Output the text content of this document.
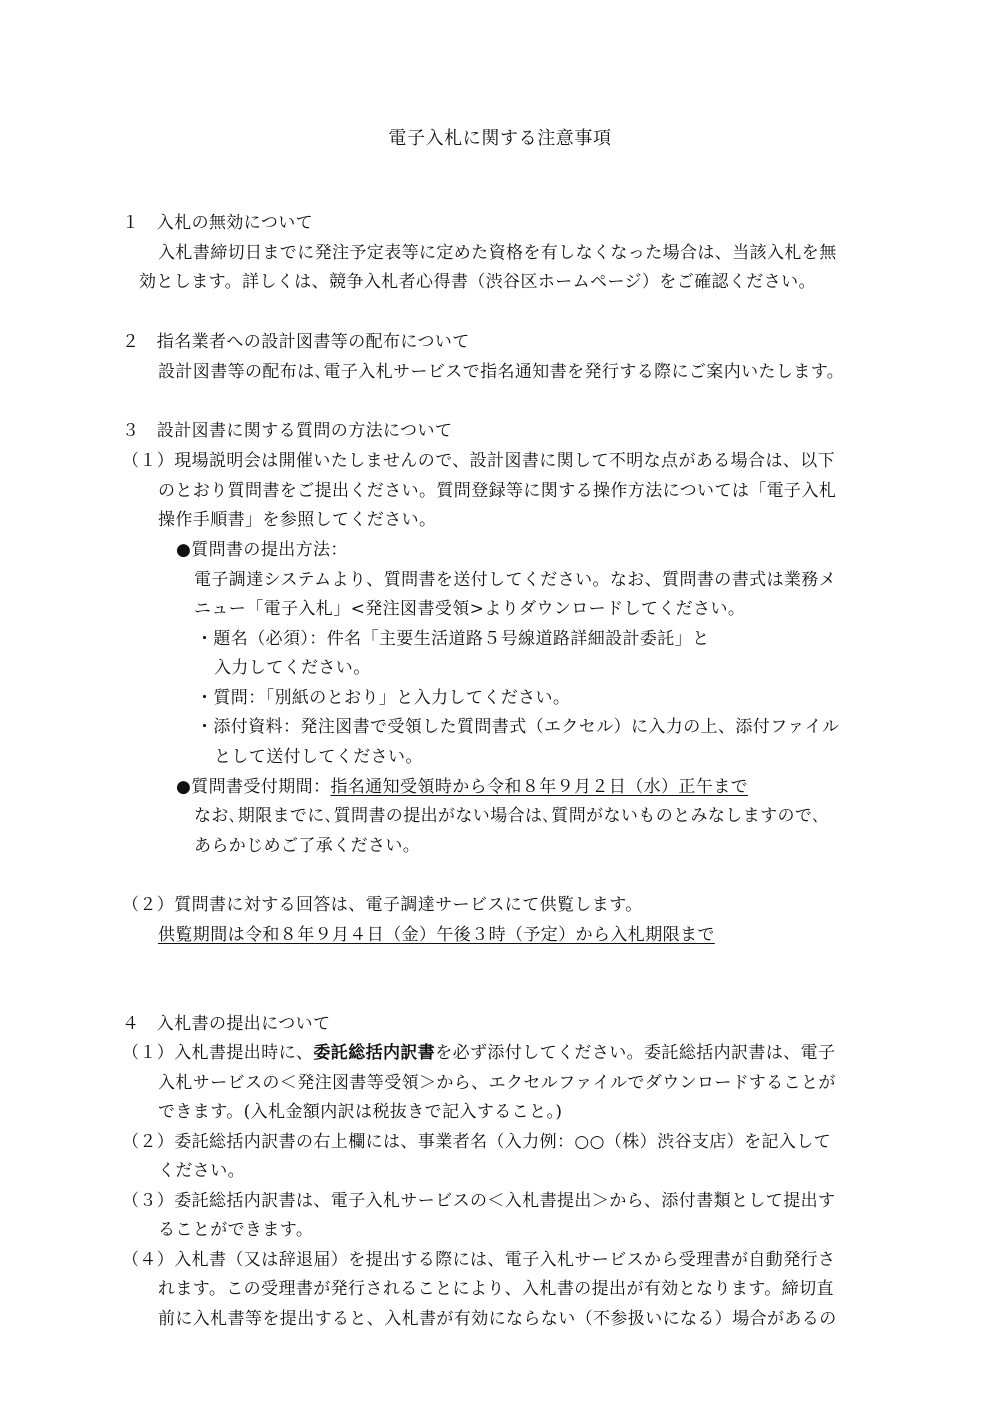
電子入札に関する注意事項
１　入札の無効について
入札書締切日までに発注予定表等に定めた資格を有しなくなった場合は、当該入札を無
効とします。詳しくは、競争入札者心得書（渋谷区ホームページ）をご確認ください。
２　指名業者への設計図書等の配布について
設計図書等の配布は､電子入札サービスで指名通知書を発行する際にご案内いたします。
３　設計図書に関する質問の方法について
（１）現場説明会は開催いたしませんので、設計図書に関して不明な点がある場合は、以下
のとおり質問書をご提出ください。質問登録等に関する操作方法については「電子入札
操作手順書」を参照してください。
●質問書の提出方法：
電子調達システムより、質問書を送付してください。なお、質問書の書式は業務メ
ニュー「電子入札」<発注図書受領>よりダウンロードしてください。
・題名（必須）：件名「主要生活道路５号線道路詳細設計委託」と
入力してください。
・質問：「別紙のとおり」と入力してください。
・添付資料：発注図書で受領した質問書式（エクセル）に入力の上、添付ファイル
として送付してください。
●質問書受付期間：指名通知受領時から令和８年９月２日（水）正午まで
なお､期限までに､質問書の提出がない場合は､質問がないものとみなしますので､
あらかじめご了承ください。
（２）質問書に対する回答は、電子調達サービスにて供覧します。
供覧期間は令和８年９月４日（金）午後３時（予定）から入札期限まで
４　入札書の提出について
（１）入札書提出時に、委託総括内訳書を必ず添付してください。委託総括内訳書は、電子
入札サービスの＜発注図書等受領＞から、エクセルファイルでダウンロードすることが
できます。(入札金額内訳は税抜きで記入すること。)
（２）委託総括内訳書の右上欄には、事業者名（入力例：○○（株）渋谷支店）を記入して
ください。
（３）委託総括内訳書は、電子入札サービスの＜入札書提出＞から、添付書類として提出す
ることができます。
（４）入札書（又は辞退届）を提出する際には、電子入札サービスから受理書が自動発行さ
れます。この受理書が発行されることにより、入札書の提出が有効となります。締切直
前に入札書等を提出すると、入札書が有効にならない（不参扱いになる）場合があるの
